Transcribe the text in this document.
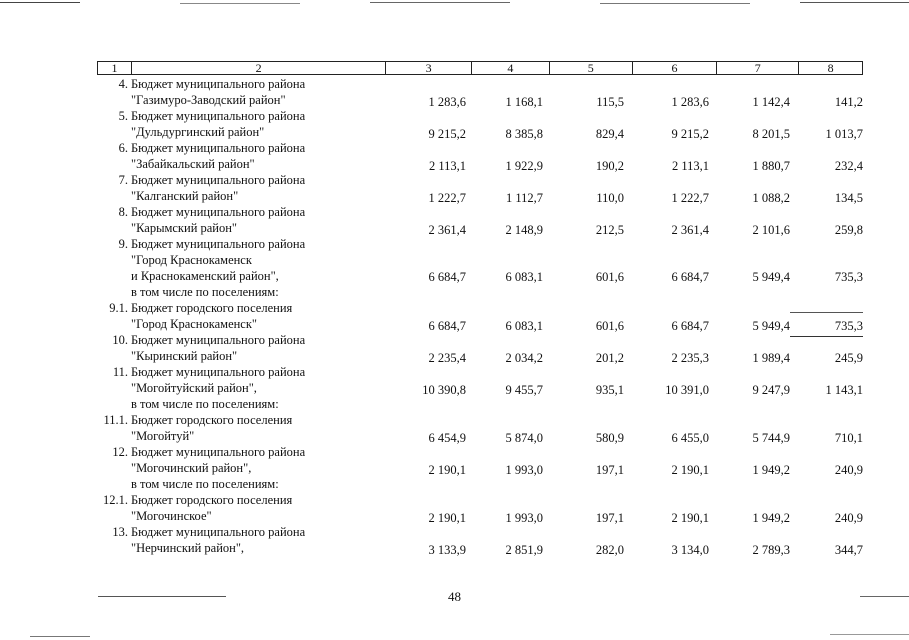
1	2	3	4	5	6	7	8
4. Бюджет муниципального района
"Газимуро-Заводский район"	1 283,6	1 168,1	115,5	1 283,6	1 142,4	141,2
5. Бюджет муниципального района
"Дульдургинский район"	9 215,2	8 385,8	829,4	9 215,2	8 201,5	1 013,7
6. Бюджет муниципального района
"Забайкальский район"	2 113,1	1 922,9	190,2	2 113,1	1 880,7	232,4
7. Бюджет муниципального района
"Калганский район"	1 222,7	1 112,7	110,0	1 222,7	1 088,2	134,5
8. Бюджет муниципального района
"Карымский район"	2 361,4	2 148,9	212,5	2 361,4	2 101,6	259,8
9. Бюджет муниципального района
"Город Краснокаменск
и Краснокаменский район",
в том числе по поселениям:
6 684,7	6 083,1	601,6	6 684,7	5 949,4	735,3
9.1. Бюджет городского поселения
"Город Краснокаменск"	6 684,7	6 083,1	601,6	6 684,7	5 949,4	735,3
10. Бюджет муниципального района
"Кыринский район"	2 235,4	2 034,2	201,2	2 235,3	1 989,4	245,9
11. Бюджет муниципального района
"Могойтуйский район",
в том числе по поселениям:
10 390,8	9 455,7	935,1	10 391,0	9 247,9	1 143,1
11.1. Бюджет городского поселения
"Могойтуй"	6 454,9	5 874,0	580,9	6 455,0	5 744,9	710,1
12. Бюджет муниципального района
"Могочинский район",
в том числе по поселениям:
2 190,1	1 993,0	197,1	2 190,1	1 949,2	240,9
12.1. Бюджет городского поселения
"Могочинское"	2 190,1	1 993,0	197,1	2 190,1	1 949,2	240,9
13. Бюджет муниципального района
"Нерчинский район",	3 133,9	2 851,9	282,0	3 134,0	2 789,3	344,7
48
